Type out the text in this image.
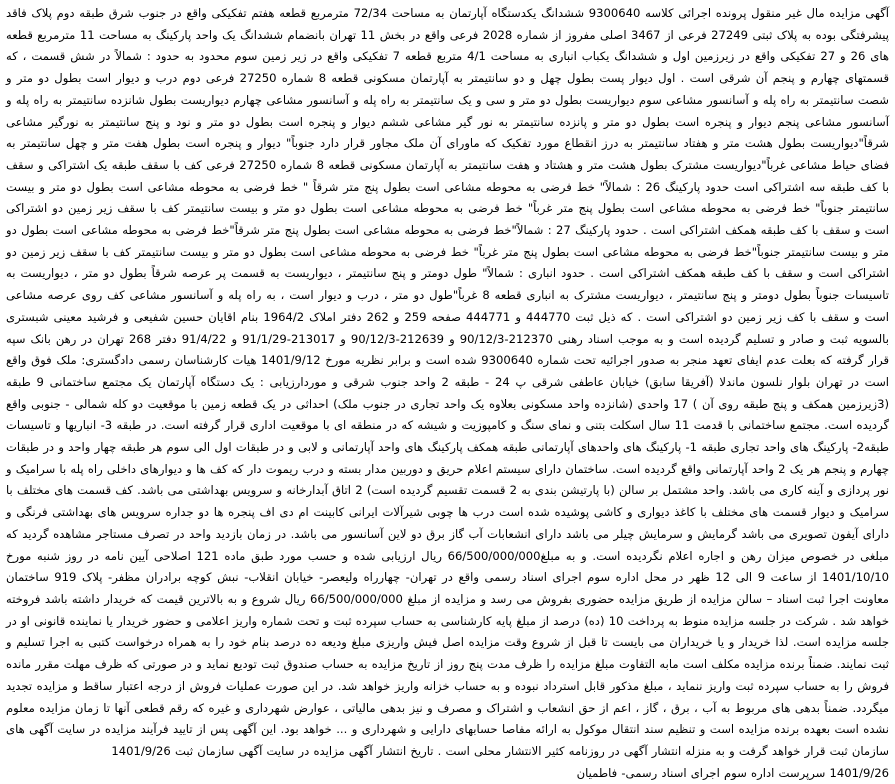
آگهی مزایده مال غیر منقول پرونده اجرائی کلاسه 9300640 ششدانگ یکدستگاه آپارتمان به مساحت 72/34 مترمربع قطعه هفتم تفکیکی واقع در جنوب شرق طبقه دوم پلاک فاقد پیشرفتگی بوده به پلاک ثبتی 27249 فرعی از 3467 اصلی مفروز از شماره 2028 فرعی واقع در بخش 11 تهران بانضمام ششدانگ یک واحد پارکینگ به مساحت 11 مترمربع قطعه های 26 و 27 تفکیکی واقع در زیرزمین اول و ششدانگ یکباب انباری به مساحت 4/1 متربع قطعه 7 تفکیکی واقع در زیر زمین سوم محدود به حدود : شمالاً در شش قسمت ، که قسمتهای چهارم و پنجم آن شرقی است . اول دیوار پست بطول چهل و دو سانتیمتر به آپارتمان مسکونی قطعه 8 شماره 27250 فرعی دوم درب و دیوار است بطول دو متر و شصت سانتیمتر به راه پله و آسانسور مشاعی سوم دیواریست بطول دو متر و سی و یک سانتیمتر به راه پله و آسانسور مشاعی چهارم دیواریست بطول شانزده سانتیمتر به راه پله و آسانسور مشاعی پنجم دیوار و پنجره است بطول دو متر و پانزده سانتیمتر به نور گیر مشاعی ششم دیوار و پنجره است بطول دو متر و نود و پنج سانتیمتر به نورگیر مشاعی شرقاً"دیواریست بطول هشت متر و هفتاد سانتیمتر به درز انقطاع مورد تفکیک که ماورای آن ملک مجاور قرار دارد جنوباً" دیوار و پنجره است بطول هفت متر و چهل سانتیمتر به فضای حیاط مشاعی غرباً"دیواریست مشترک بطول هشت متر و هشتاد و هفت سانتیمتر به آپارتمان مسکونی قطعه 8 شماره 27250 فرعی کف با سقف طبقه یک اشتراکی و سقف با کف طبقه سه اشتراکی است حدود پارکینگ 26 : شمالاً" خط فرضی به محوطه مشاعی است بطول پنج متر شرقاً " خط فرضی به محوطه مشاعی است بطول دو متر و بیست سانتیمتر جنوباً" خط فرضی به محوطه مشاعی است بطول پنج متر غرباً" خط فرضی به محوطه مشاعی است بطول دو متر و بیست سانتیمتر کف با سقف زیر زمین دو اشتراکی است و سقف با کف طبقه همکف اشتراکی است . حدود پارکینگ 27 : شمالاً"خط فرضی به محوطه مشاعی است بطول پنج متر شرقاً"خط فرضی به محوطه مشاعی است بطول دو متر و بیست سانتیمتر جنوباً"خط فرضی به محوطه مشاعی است بطول پنج متر غرباً" خط فرضی به محوطه مشاعی است بطول دو متر و بیست سانتیمتر کف با سقف زیر زمین دو اشتراکی است و سقف با کف طبقه همکف اشتراکی است . حدود انباری : شمالاً" طول دومتر و پنج سانتیمتر ، دیواریست به قسمت پر عرصه شرقاً بطول دو متر ، دیواریست به تاسیسات جنوباً بطول دومتر و پنج سانتیمتر ، دیواریست مشترک به انباری قطعه 8 غرباً"طول دو متر ، درب و دیوار است ، به راه پله و آسانسور مشاعی کف روی عرصه مشاعی است و سقف با کف زیر زمین دو اشتراکی است . که ذیل ثبت 444770 و 444771 صفحه 259 و 262 دفتر املاک 1964/2 بنام اقایان حسین شفیعی و فرشید معینی شبستری بالسویه ثبت و صادر و تسلیم گردیده است و به موجب اسناد رهنی 212370-90/12/3 و 212639-90/12/3 و 213017-91/1/29 و 91/4/22 دفتر 268 تهران در رهن بانک سپه قرار گرفته که بعلت عدم ایفای تعهد منجر به صدور اجرائیه تحت شماره 9300640 شده است و برابر نظریه مورخ 1401/9/12 هیات کارشناسان رسمی دادگستری: ملک فوق واقع است در تهران بلوار نلسون ماندلا (آفریقا سابق) خیابان عاطفی شرقی پ 24 - طبقه 2 واحد جنوب شرقی و موردارزیابی : یک دستگاه آپارتمان یک مجتمع ساختمانی 9 طبقه (3زیرزمین همکف و پنج طبقه روی آن ) 17 واحدی (شانزده واحد مسکونی بعلاوه یک واحد تجاری در جنوب ملک) احداثی در یک قطعه زمین با موقعیت دو کله شمالی - جنوبی واقع گردیده است. مجتمع ساختمانی با قدمت 11 سال اسکلت بتنی و نمای سنگ و کامپوزیت و شیشه که در منطقه ای با موقعیت اداری قرار گرفته است. در طبقه 3- انباریها و تاسیسات طبقه2- پارکینگ های واحد تجاری طبقه 1- پارکینگ های واحدهای آپارتمانی طبقه همکف پارکینگ های واحد آپارتمانی و لابی و در طبقات اول الی سوم هر طبقه چهار واحد و در طبقات چهارم و پنجم هر یک 2 واحد آپارتمانی واقع گردیده است. ساختمان دارای سیستم اعلام حریق و دوربین مدار بسته و درب ریموت دار که کف ها و دیوارهای داخلی راه پله با سرامیک و نور پردازی و آینه کاری می باشد. واحد مشتمل بر سالن (با پارتیشن بندی به 2 قسمت تقسیم گردیده است) 2 اتاق آبدارخانه و سرویس بهداشتی می باشد. کف قسمت های مختلف با سرامیک و دیوار قسمت های مختلف با کاغذ دیواری و کاشی پوشیده شده است درب ها چوبی شیرآلات ایرانی کابینت ام دی اف پنجره ها دو جداره سرویس های بهداشتی فرنگی و دارای آیفون تصویری می باشد گرمایش و سرمایش چیلر می باشد دارای انشعابات آب گاز برق دو لاین آسانسور می باشد. در زمان بازدید واحد در تصرف مستاجر مشاهده گردید که مبلغی در خصوص میزان رهن و اجاره اعلام نگردیده است. و به مبلغ66/500/000/000 ریال ارزیابی شده و حسب مورد طبق ماده 121 اصلاحی آیین نامه در روز شنبه مورخ 1401/10/10 از ساعت 9 الی 12 ظهر در محل اداره سوم اجرای اسناد رسمی واقع در تهران- چهارراه ولیعصر- خیابان انقلاب- نبش کوچه برادران مظفر- پلاک 919 ساختمان معاونت اجرا ثبت اسناد – سالن مزایده از طریق مزایده حضوری بفروش می رسد و مزایده از مبلغ 66/500/000/000 ریال شروع و به بالاترین قیمت که خریدار داشته باشد فروخته خواهد شد . شرکت در جلسه مزایده منوط به پرداخت 10 (ده) درصد از مبلغ پایه کارشناسی به حساب سپرده ثبت و تحت شماره واریز اعلامی و حضور خریدار یا نماینده قانونی او در جلسه مزایده است. لذا خریدار و یا خریداران می بایست تا قبل از شروع وقت مزایده اصل فیش واریزی مبلغ ودیعه ده درصد بنام خود را به همراه درخواست کتبی به اجرا تسلیم و ثبت نمایند. ضمناً برنده مزایده مکلف است مابه التفاوت مبلغ مزایده را ظرف مدت پنج روز از تاریخ مزایده به حساب صندوق ثبت تودیع نماید و در صورتی که ظرف مهلت مقرر مانده فروش را به حساب سپرده ثبت واریز ننماید ، مبلغ مذکور قابل استرداد نبوده و به حساب خزانه واریز خواهد شد. در این صورت عملیات فروش از درجه اعتبار ساقط و مزایده تجدید میگردد. ضمناً بدهی های مربوط به آب ، برق ، گاز ، اعم از حق انشعاب و اشتراک و مصرف و نیز بدهی مالیاتی ، عوارض شهرداری و غیره که رقم قطعی آنها تا زمان مزایده معلوم نشده است بعهده برنده مزایده است و تنظیم سند انتقال موکول به ارائه مفاصا حسابهای دارایی و شهرداری و ... خواهد بود. این آگهی پس از تایید فرآیند مزایده در سایت آگهی های سازمان ثبت قرار خواهد گرفت و به منزله انتشار آگهی در روزنامه کثیر الانتشار محلی است . تاریخ انتشار آگهی مزایده در سایت آگهی سازمان ثبت 1401/9/26

1401/9/26 سرپرست اداره سوم اجرای اسناد رسمی- فاطمیان
